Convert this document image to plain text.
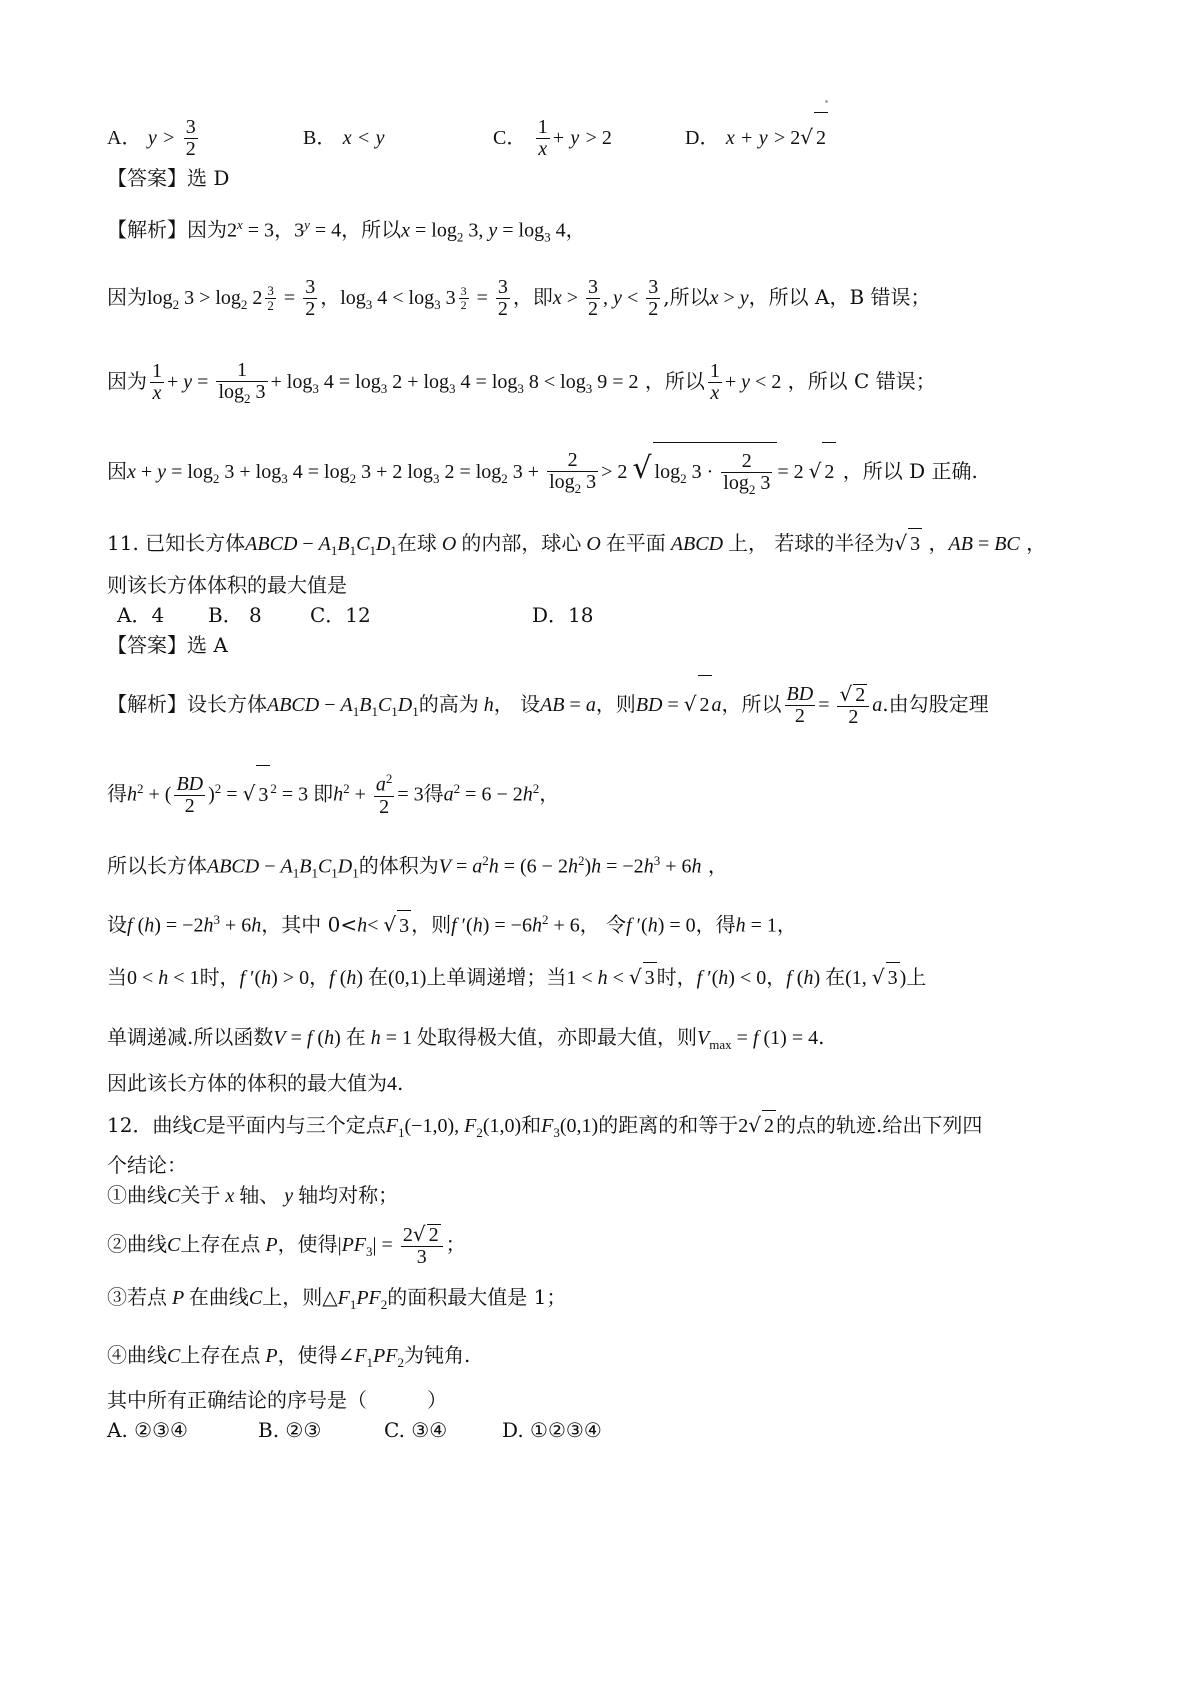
A． $y > \frac{3}{2}$	B． x < y	C． $\frac{1}{x} + y > 2$	D． x + y > 2√ 2
【答案】选 D
【解析】因为$2^x = 3$，$3^y = 4$，所以$x = \log_2 3$, $y = \log_3 4$，
因为$\log_2 3 > \log_2 2 \frac{3}{2} = \frac{3}{2}$ ，$\log_3 4 < \log_3 3 \frac{3}{2} = \frac{3}{2}$ ，即$x > \frac{3}{2}$ , $y < \frac{3}{2}$ ,所以x > y，所以 A，B 错误；
因为 $\frac{1}{x} + y = \frac{1}{\log_2 3} + \log_3 4 = \log_3 2 + \log_3 4 = \log_3 8 < \log_3 9 = 2$ ，所以 $\frac{1}{x} + y < 2$ ，所以 C 错误；
因$x + y = \log_2 3 + \log_3 4 = \log_2 3 + 2$ $\log_3 2 = \log_2 3 + \frac{2}{\log_2 3} > 2$ √ $\log_2 3 \cdot \frac{2}{\log_2 3} = 2$ √ 2 ，所以 D 正确.
11. 已知长方体ABCD − $A_1B_1C_1D_1$在球 O 的内部，球心 O 在平面 ABCD 上， 若球的半径为√ 3 ，AB = BC ，
则该长方体体积的最大值是
A．4 B． 8 C．12	D．18
【答案】选 A
【解析】设长方体ABCD − $A_1B_1C_1D_1$的高为 h， 设AB = a，则BD = √ 2 a，所以 $\frac{BD}{2} = \frac{√ 2}{2} a$.由勾股定理
得$h^2$ + ( $\frac{BD}{2} )^2$ = √ 3 $^2$ = 3 即$h^2 + \frac{a^2}{2} = 3$得$a^2 = 6 - 2h^2$，
所以长方体ABCD − $A_1B_1C_1D_1$的体积为$V = a^2h = (6 - 2h^2)h = -2h^3 + 6h$ ，
设f $(h) = -2h^3 + 6h$，其中 0<h< √ 3 ，则f $'(h) = -6h^2 + 6$， 令f ′(h) = 0，得h = 1，
当0 < h < 1时，f ′(h) > 0，f (h) 在(0,1)上单调递增；当1 < h < √ 3 时，f ′(h) < 0，f (h) 在(1, √ 3 )上
单调递减.所以函数V = f (h) 在 h = 1 处取得极大值，亦即最大值，则$V_{max} = f$ (1) = 4.
因此该长方体的体积的最大值为4.
12．曲线C是平面内与三个定点$F_1(-1,0)$, $F_2(1,0)$和$F_3(0,1)$的距离的和等于2√ 2 的点的轨迹.给出下列四
个结论：
①曲线C关于 x 轴、 y 轴均对称；
②曲线C上存在点 P，使得$|PF_3| = \frac{2√ 2}{3}$ ；
③若点 P 在曲线C上，则$\triangle F_1PF_2$的面积最大值是 1；
④曲线C上存在点 P，使得$\angle F_1PF_2$为钝角.
其中所有正确结论的序号是（　　　）
A. ②③④	B. ②③	C. ③④	D. ①②③④
